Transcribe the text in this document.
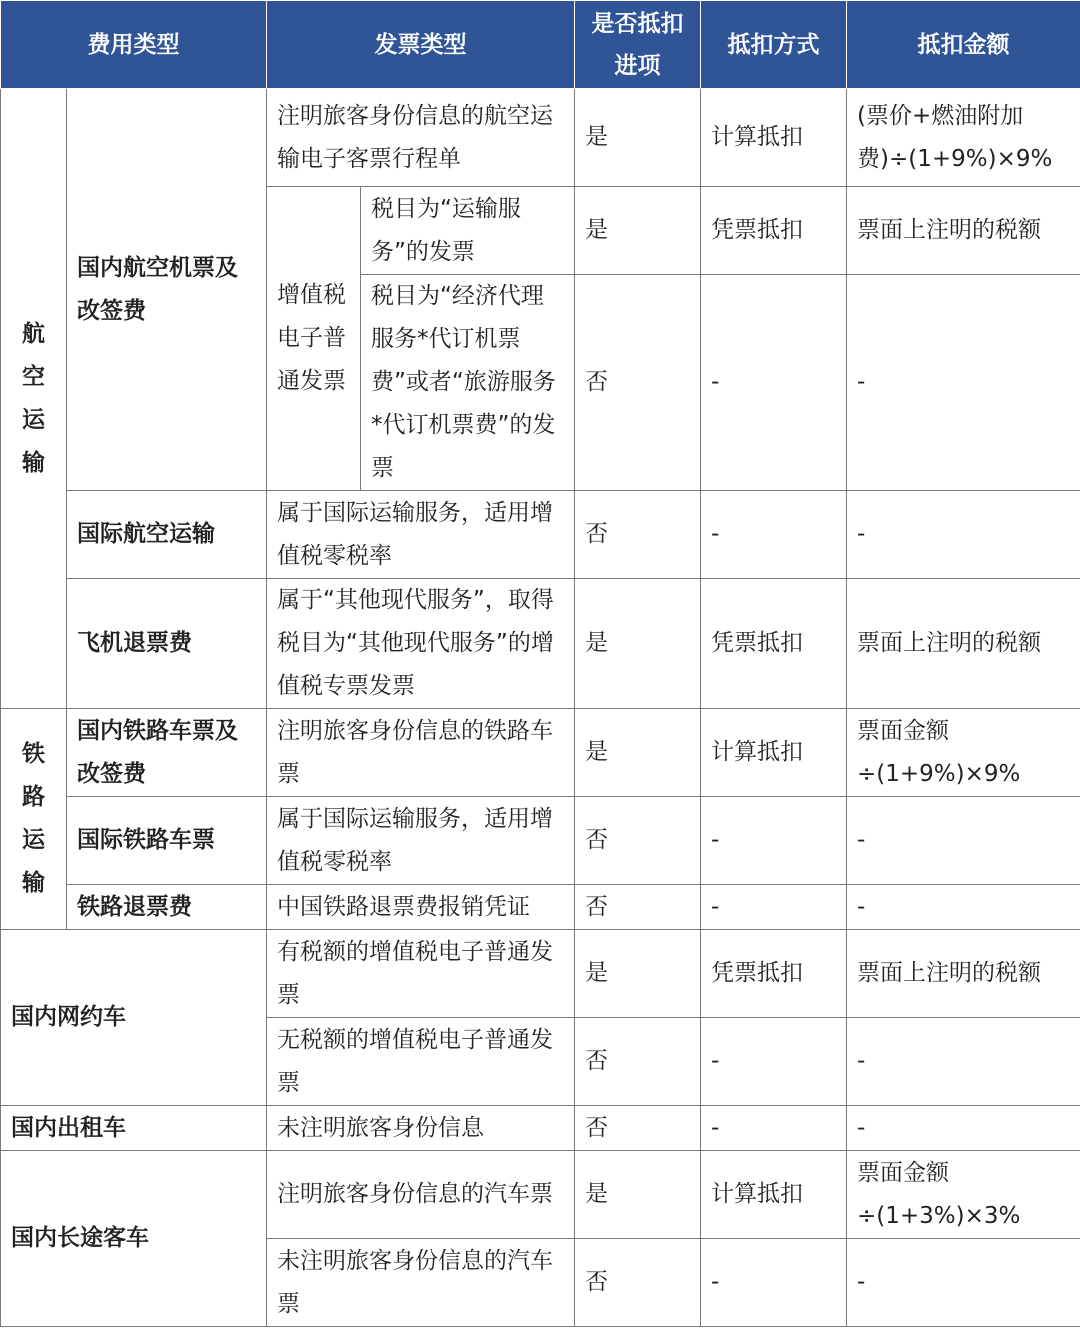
费用类型		发票类型		是否抵扣进项	抵扣方式	抵扣金额
航空运输	国内航空机票及改签费	注明旅客身份信息的航空运输电子客票行程单		是	计算抵扣	(票价+燃油附加费)÷(1+9%)×9%
		增值税电子普通发票	税目为“运输服务”的发票	是	凭票抵扣	票面上注明的税额
			税目为“经济代理服务*代订机票费”或者“旅游服务*代订机票费”的发票	否	-	-
	国际航空运输	属于国际运输服务，适用增值税零税率		否	-	-
	飞机退票费	属于“其他现代服务”，取得税目为“其他现代服务”的增值税专票发票		是	凭票抵扣	票面上注明的税额
铁路运输	国内铁路车票及改签费	注明旅客身份信息的铁路车票		是	计算抵扣	票面金额÷(1+9%)×9%
	国际铁路车票	属于国际运输服务，适用增值税零税率		否	-	-
	铁路退票费	中国铁路退票费报销凭证		否	-	-
国内网约车		有税额的增值税电子普通发票		是	凭票抵扣	票面上注明的税额
		无税额的增值税电子普通发票		否	-	-
国内出租车		未注明旅客身份信息		否	-	-
国内长途客车		注明旅客身份信息的汽车票		是	计算抵扣	票面金额÷(1+3%)×3%
		未注明旅客身份信息的汽车票		否	-	-
